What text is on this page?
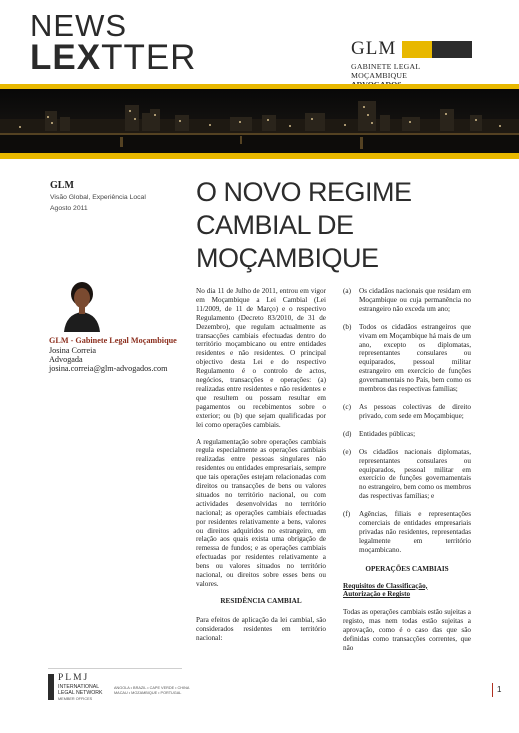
NEWS
LEXTTER	GLM
GABINETE LEGAL MOÇAMBIQUE
GLM
Visão Global, Experiência Local
Agosto 2011
GLM - Gabinete Legal Moçambique
Josina Correia
Advogada
josina.correia@glm-advogados.com
PLMJ
INTERNATIONAL
LEGAL NETWORK
MEMBER OFFICES
ANGOLA • BRAZIL • CAPE VERDE • CHINA
MACAU • MOZAMBIQUE • PORTUGAL
O NOVO REGIME
CAMBIAL DE
MOÇAMBIQUE

No dia 11 de Julho de 2011, entrou em vigor em Moçambique a Lei Cambial (Lei 11/2009, de 11 de Março) e o respectivo Regulamento (Decreto 83/2010, de 31 de Dezembro), que regulam actualmente as transacções cambiais efectuadas dentro do território moçambicano ou entre entidades residentes e não residentes. O principal objectivo desta Lei e do respectivo Regulamento é o controlo de actos, negócios, transacções e operações: (a) realizadas entre residentes e não residentes e que resultem ou possam resultar em pagamentos ou recebimentos sobre o exterior; ou (b) que sejam qualificadas por lei como operações cambiais.

A regulamentação sobre operações cambiais regula especialmente as operações cambiais realizadas entre pessoas singulares não residentes ou entidades empresariais, sempre que tais operações estejam relacionadas com direitos ou transacções de bens ou valores situados no território nacional, ou com actividades desenvolvidas no território nacional; as operações cambiais efectuadas por residentes relativamente a bens, valores ou direitos adquiridos no estrangeiro, em relação aos quais exista uma obrigação de remessa de fundos; e as operações cambiais efectuadas por residentes relativamente a bens ou valores situados no território nacional, ou direitos sobre esses bens ou valores.

RESIDÊNCIA CAMBIAL

Para efeitos de aplicação da lei cambial, são considerados residentes em território nacional:

(a)	Os cidadãos nacionais que residam em Moçambique ou cuja permanência no estrangeiro não exceda um ano;
(b)	Todos os cidadãos estrangeiros que vivam em Moçambique há mais de um ano, excepto os diplomatas, representantes consulares ou equiparados, pessoal militar estrangeiro em exercício de funções governamentais no País, bem como os membros das respectivas famílias;
(c)	As pessoas colectivas de direito privado, com sede em Moçambique;
(d)	Entidades públicas;
(e)	Os cidadãos nacionais diplomatas, representantes consulares ou equiparados, pessoal militar em exercício de funções governamentais no estrangeiro, bem como os membros das respectivas famílias; e
(f)	Agências, filiais e representações comerciais de entidades empresariais privadas não residentes, representadas legalmente em território moçambicano.
OPERAÇÕES CAMBIAIS
Requisitos de Classificação,
Autorização e Registo

Todas as operações cambiais estão sujeitas a registo, mas nem todas estão sujeitas a aprovação, como é o caso das que são definidas como transacções correntes, que não

1
